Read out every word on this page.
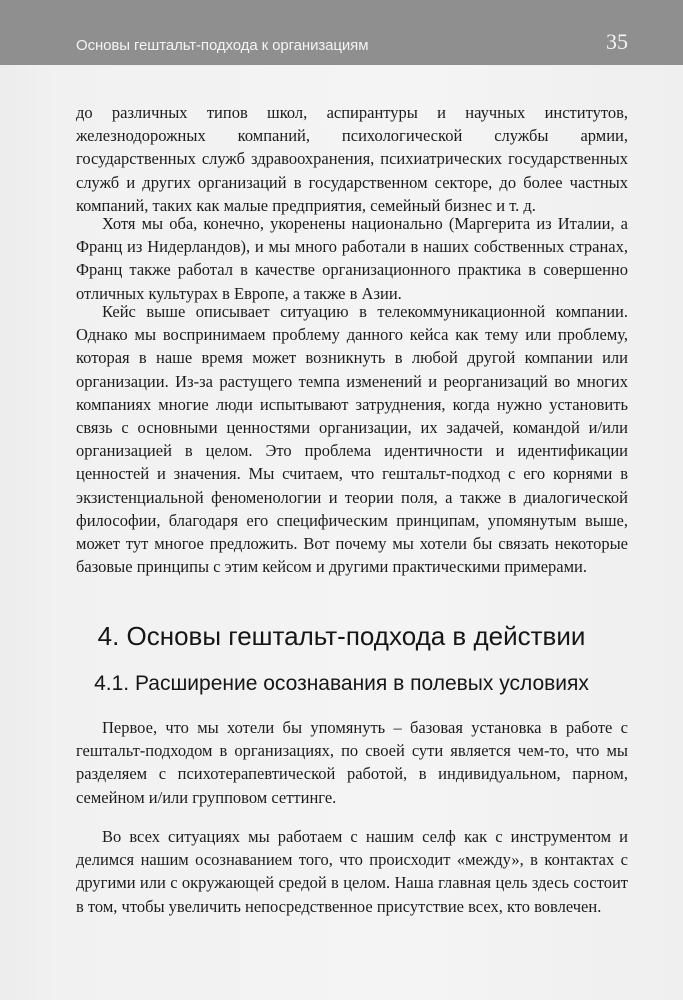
Основы гештальт-подхода к организациям	35

до различных типов школ, аспирантуры и научных институтов, железнодорожных компаний, психологической службы армии, государственных служб здравоохранения, психиатрических государственных служб и других организаций в государственном секторе, до более частных компаний, таких как малые предприятия, семейный бизнес и т. д.

Хотя мы оба, конечно, укоренены национально (Маргерита из Италии, а Франц из Нидерландов), и мы много работали в наших собственных странах, Франц также работал в качестве организационного практика в совершенно отличных культурах в Европе, а также в Азии.

Кейс выше описывает ситуацию в телекоммуникационной компании. Однако мы воспринимаем проблему данного кейса как тему или проблему, которая в наше время может возникнуть в любой другой компании или организации. Из-за растущего темпа изменений и реорганизаций во многих компаниях многие люди испытывают затруднения, когда нужно установить связь с основными ценностями организации, их задачей, командой и/или организацией в целом. Это проблема идентичности и идентификации ценностей и значения. Мы считаем, что гештальт-подход с его корнями в экзистенциальной феноменологии и теории поля, а также в диалогической философии, благодаря его специфическим принципам, упомянутым выше, может тут многое предложить. Вот почему мы хотели бы связать некоторые базовые принципы с этим кейсом и другими практическими примерами.

4. Основы гештальт-подхода в действии
4.1. Расширение осознавания в полевых условиях

Первое, что мы хотели бы упомянуть – базовая установка в работе с гештальт-подходом в организациях, по своей сути является чем-то, что мы разделяем с психотерапевтической работой, в индивидуальном, парном, семейном и/или групповом сеттинге.

Во всех ситуациях мы работаем с нашим селф как с инструментом и делимся нашим осознаванием того, что происходит «между», в контактах с другими или с окружающей средой в целом. Наша главная цель здесь состоит в том, чтобы увеличить непосредственное присутствие всех, кто вовлечен.
